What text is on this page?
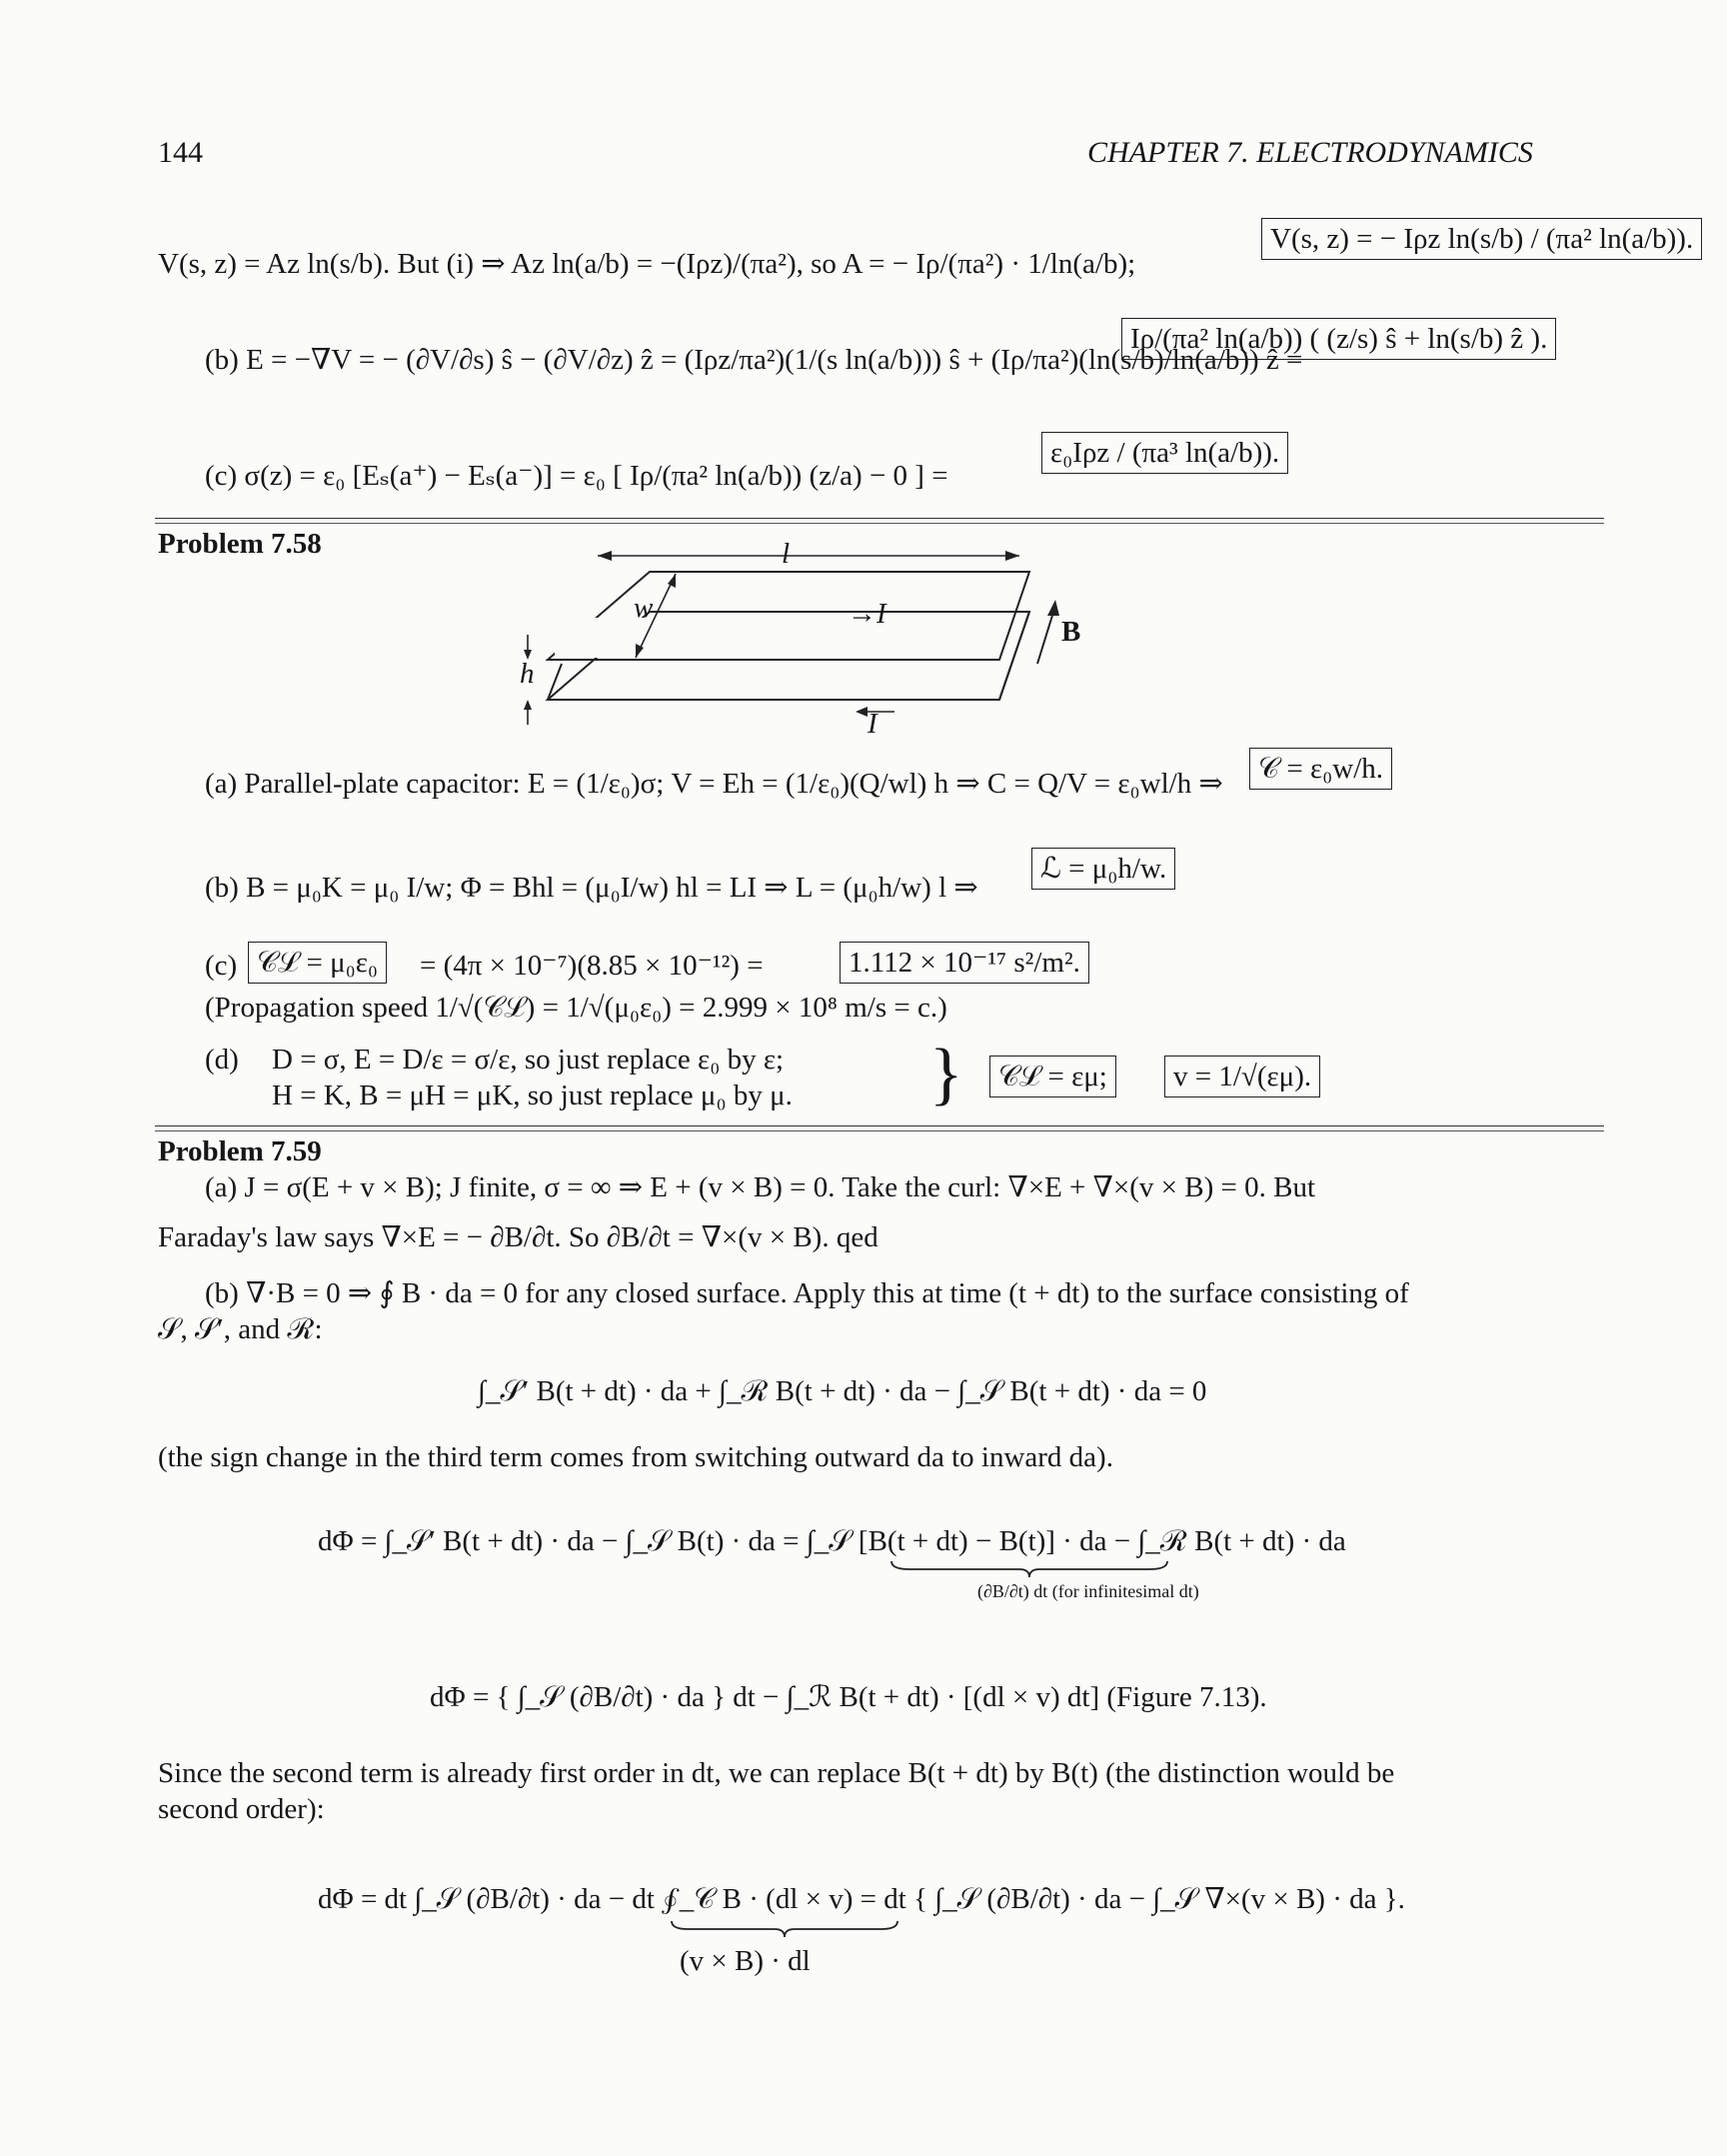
144	CHAPTER 7. ELECTRODYNAMICS
V(s, z) = Az ln(s/b). But (i) ⇒ Az ln(a/b) = −(Iρz)/(πa²), so A = − Iρ/(πa²) · 1/ln(a/b);
V(s, z) = − Iρz ln(s/b) / (πa² ln(a/b)).
(b) E = −∇V = − (∂V/∂s) ŝ − (∂V/∂z) ẑ = (Iρz/πa²)(1/(s ln(a/b))) ŝ + (Iρ/πa²)(ln(s/b)/ln(a/b)) ẑ =
Iρ/(πa² ln(a/b)) ( (z/s) ŝ + ln(s/b) ẑ ).
(c) σ(z) = ε₀ [Eₛ(a⁺) − Eₛ(a⁻)] = ε₀ [ Iρ/(πa² ln(a/b)) (z/a) − 0 ] =
ε₀Iρz / (πa³ ln(a/b)).
Problem 7.58	l
w	→I
B
h
I
(a) Parallel-plate capacitor: E = (1/ε₀)σ; V = Eh = (1/ε₀)(Q/wl) h ⇒ C = Q/V = ε₀wl/h ⇒	𝒞 = ε₀w/h.
(b) B = μ₀K = μ₀ I/w; Φ = Bhl = (μ₀I/w) hl = LI ⇒ L = (μ₀h/w) l ⇒
ℒ = μ₀h/w.
(c) 𝒞ℒ = μ₀ε₀	= (4π × 10⁻⁷)(8.85 × 10⁻¹²) =	1.112 × 10⁻¹⁷ s²/m².
(Propagation speed 1/√(𝒞ℒ) = 1/√(μ₀ε₀) = 2.999 × 10⁸ m/s = c.)
(d) D = σ, E = D/ε = σ/ε, so just replace ε₀ by ε;
H = K, B = μH = μK, so just replace μ₀ by μ. }	𝒞ℒ = εμ;	v = 1/√(εμ).
Problem 7.59
(a) J = σ(E + v × B); J finite, σ = ∞ ⇒ E + (v × B) = 0. Take the curl: ∇×E + ∇×(v × B) = 0. But
Faraday's law says ∇×E = − ∂B/∂t. So ∂B/∂t = ∇×(v × B). qed
(b) ∇·B = 0 ⇒ ∮ B · da = 0 for any closed surface. Apply this at time (t + dt) to the surface consisting of
𝒮, 𝒮′, and ℛ:
∫_𝒮′ B(t + dt) · da + ∫_ℛ B(t + dt) · da − ∫_𝒮 B(t + dt) · da = 0
(the sign change in the third term comes from switching outward da to inward da).
dΦ = ∫_𝒮′ B(t + dt) · da − ∫_𝒮 B(t) · da = ∫_𝒮 [B(t + dt) − B(t)] · da − ∫_ℛ B(t + dt) · da
(∂B/∂t) dt (for infinitesimal dt)
dΦ = { ∫_𝒮 (∂B/∂t) · da } dt − ∫_ℛ B(t + dt) · [(dl × v) dt] (Figure 7.13).
Since the second term is already first order in dt, we can replace B(t + dt) by B(t) (the distinction would be
second order):
dΦ = dt ∫_𝒮 (∂B/∂t) · da − dt ∮_𝒞 B · (dl × v) = dt { ∫_𝒮 (∂B/∂t) · da − ∫_𝒮 ∇×(v × B) · da }.
(v × B) · dl
